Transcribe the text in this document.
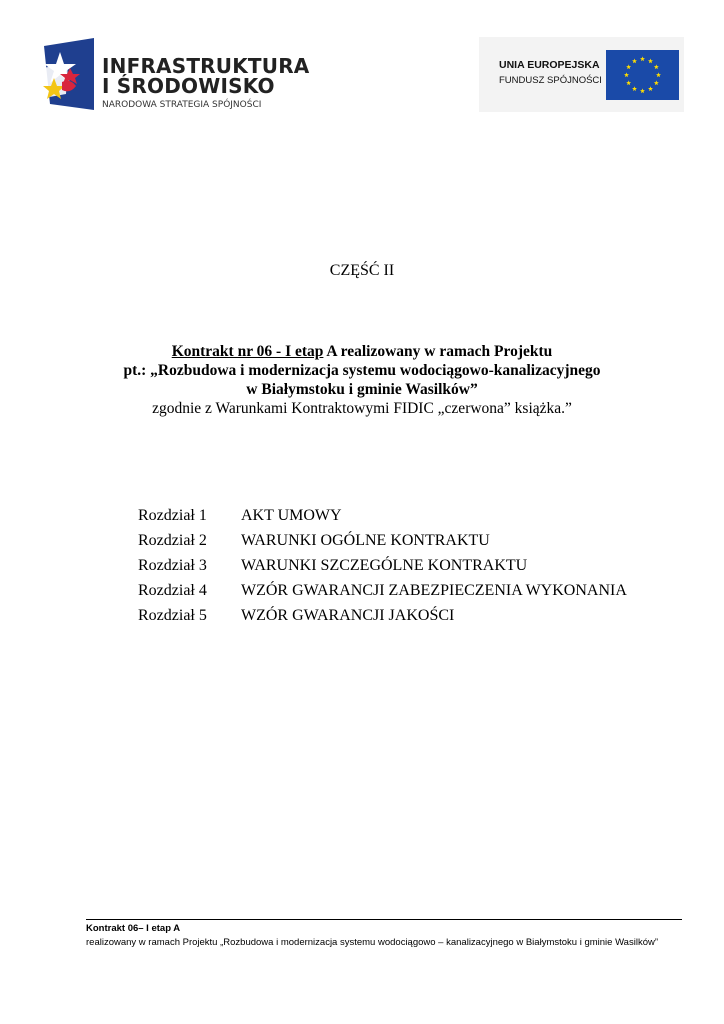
INFRASTRUKTURA
I ŚRODOWISKO
NARODOWA STRATEGIA SPÓJNOŚCI
UNIA EUROPEJSKA
FUNDUSZ SPÓJNOŚCI
CZĘŚĆ II
Kontrakt nr 06 - I etap A realizowany w ramach Projektu
pt.: „Rozbudowa i modernizacja systemu wodociągowo-kanalizacyjnego
w Białymstoku i gminie Wasilków”
zgodnie z Warunkami Kontraktowymi FIDIC „czerwona” książka.”
Rozdział 1	AKT UMOWY
Rozdział 2	WARUNKI OGÓLNE KONTRAKTU
Rozdział 3	WARUNKI SZCZEGÓLNE KONTRAKTU
Rozdział 4	WZÓR GWARANCJI ZABEZPIECZENIA WYKONANIA
Rozdział 5	WZÓR GWARANCJI JAKOŚCI
Kontrakt 06– I etap A
realizowany w ramach Projektu „Rozbudowa i modernizacja systemu wodociągowo – kanalizacyjnego w Białymstoku i gminie Wasilków”
